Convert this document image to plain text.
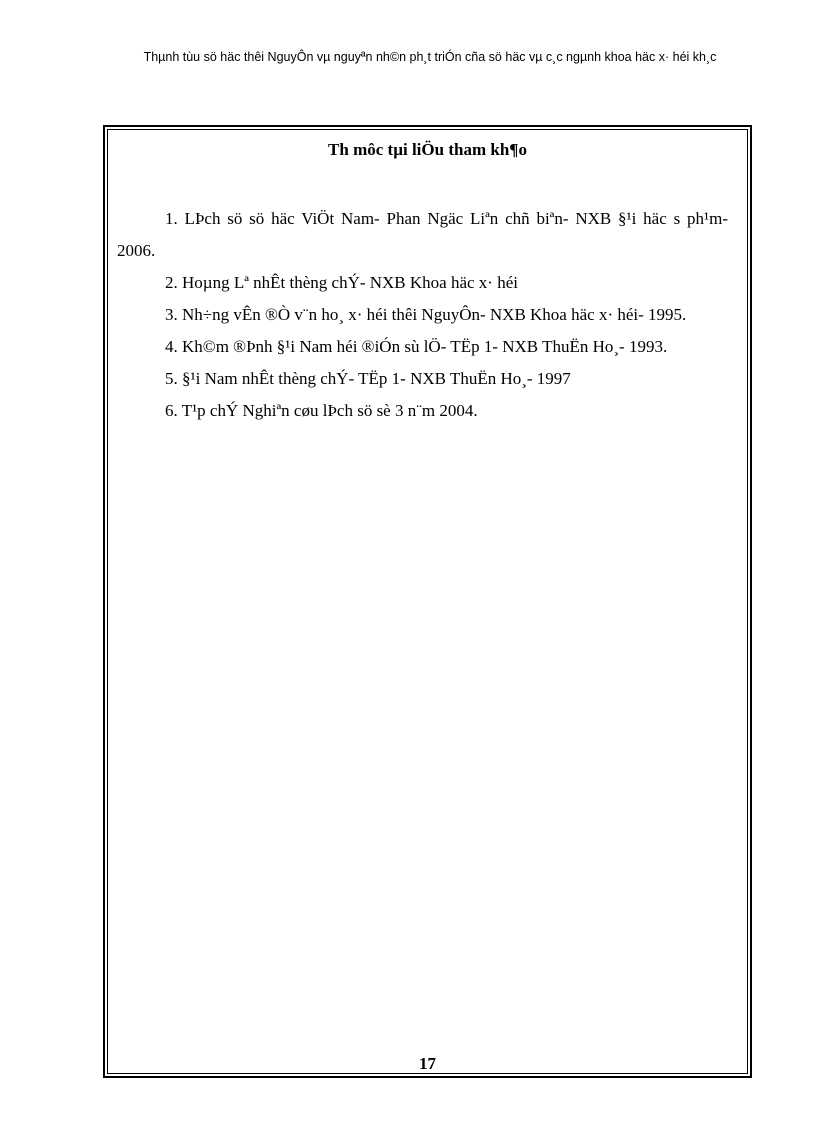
Thµnh tùu sö häc thêi NguyÔn vµ nguyªn nh©n ph¸t triÓn cña sö häc vµ c¸c ngµnh khoa häc x· héi kh¸c
Th môc tµi liÖu tham kh¶o

1. LÞch sö sö häc ViÖt Nam- Phan Ngäc Liªn chñ biªn- NXB §¹i häc s ph¹m- 2006.

2. Hoµng Lª nhÊt thèng chÝ- NXB Khoa häc x· héi

3. Nh÷ng vÊn ®Ò v¨n ho¸ x· héi thêi NguyÔn- NXB Khoa häc x· héi- 1995.

4. Kh©m ®Þnh §¹i Nam héi ®iÓn sù lÖ- TËp 1- NXB ThuËn Ho¸- 1993.

5. §¹i Nam nhÊt thèng chÝ- TËp 1- NXB ThuËn Ho¸- 1997

6. T¹p chÝ Nghiªn cøu lÞch sö sè 3 n¨m 2004.

17
